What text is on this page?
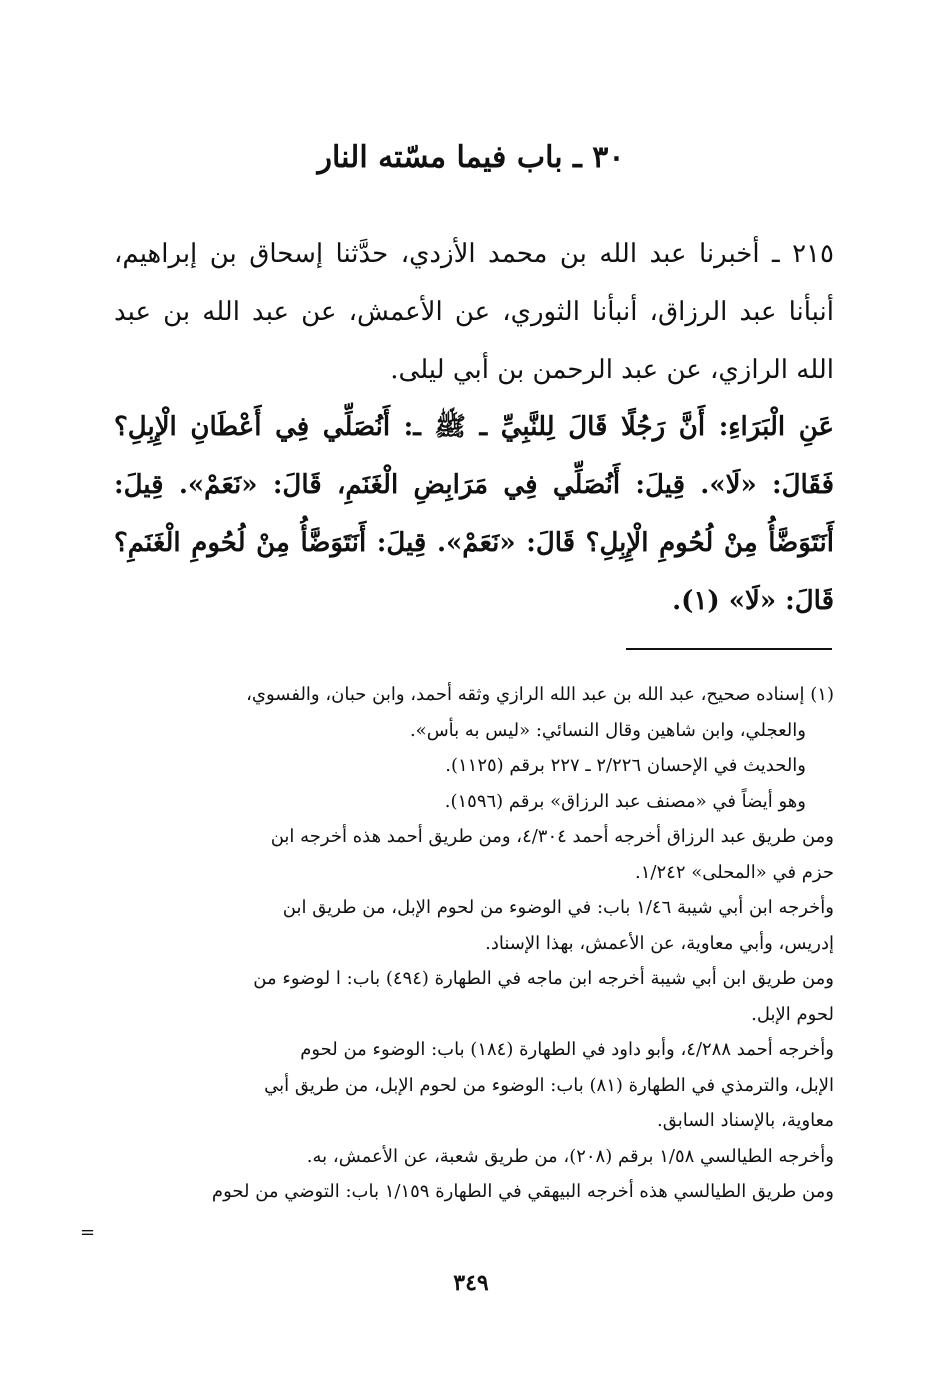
٣٠ ـ باب فيما مسّته النار
٢١٥ ـ أخبرنا عبد الله بن محمد الأزدي، حدَّثنا إسحاق بن إبراهيم، أنبأنا عبد الرزاق، أنبأنا الثوري، عن الأعمش، عن عبد الله بن عبد الله الرازي، عن عبد الرحمن بن أبي ليلى.
عَنِ الْبَرَاءِ: أَنَّ رَجُلًا قَالَ لِلنَّبِيِّ ـ ﷺ ـ: أَنُصَلِّي فِي أَعْطَانِ الْإِبِلِ؟ فَقَالَ: «لَا». قِيلَ: أَنُصَلِّي فِي مَرَابِضِ الْغَنَمِ، قَالَ: «نَعَمْ». قِيلَ: أَنَتَوَضَّأُ مِنْ لُحُومِ الْإِبِلِ؟ قَالَ: «نَعَمْ». قِيلَ: أَنَتَوَضَّأُ مِنْ لُحُومِ الْغَنَمِ؟ قَالَ: «لَا» (١).
(١) إسناده صحيح، عبد الله بن عبد الله الرازي وثقه أحمد، وابن حبان، والفسوي،
والعجلي، وابن شاهين وقال النسائي: «ليس به بأس».
والحديث في الإحسان ٢/٢٢٦ ـ ٢٢٧ برقم (١١٢٥).
وهو أيضاً في «مصنف عبد الرزاق» برقم (١٥٩٦).
ومن طريق عبد الرزاق أخرجه أحمد ٤/٣٠٤، ومن طريق أحمد هذه أخرجه ابن
حزم في «المحلى» ١/٢٤٢.
وأخرجه ابن أبي شيبة ١/٤٦ باب: في الوضوء من لحوم الإبل، من طريق ابن
إدريس، وأبي معاوية، عن الأعمش، بهذا الإسناد.
ومن طريق ابن أبي شيبة أخرجه ابن ماجه في الطهارة (٤٩٤) باب: ا لوضوء من
لحوم الإبل.
وأخرجه أحمد ٤/٢٨٨، وأبو داود في الطهارة (١٨٤) باب: الوضوء من لحوم
الإبل، والترمذي في الطهارة (٨١) باب: الوضوء من لحوم الإبل، من طريق أبي
معاوية، بالإسناد السابق.
وأخرجه الطيالسي ١/٥٨ برقم (٢٠٨)، من طريق شعبة، عن الأعمش، به.
ومن طريق الطيالسي هذه أخرجه البيهقي في الطهارة ١/١٥٩ باب: التوضي من لحوم
=
٣٤٩
